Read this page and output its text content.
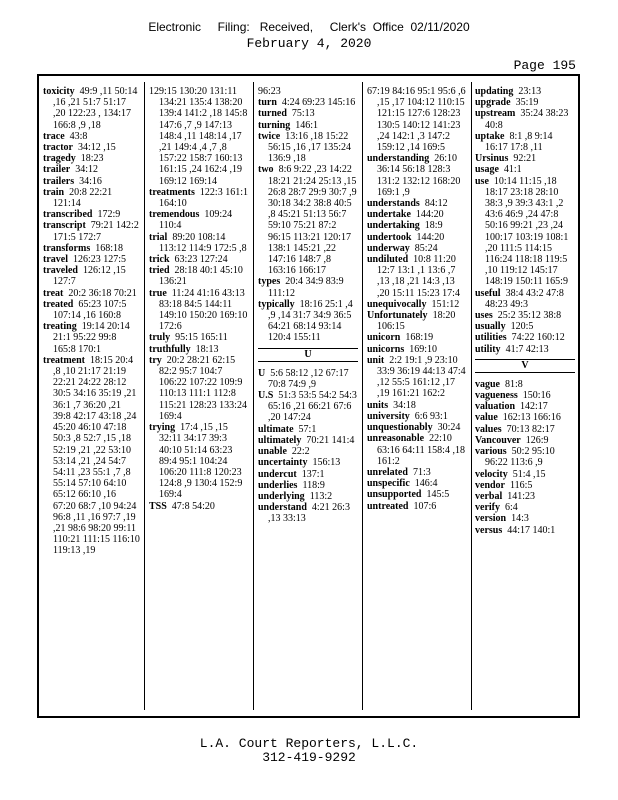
Electronic     Filing:   Received,     Clerk's  Office  02/11/2020
February 4, 2020
Page 195

toxicity 49:9 ,11 50:14 ,16 ,21 51:7 51:17 ,20 122:23 , 134:17 166:8 ,9 ,18

trace 43:8

tractor 34:12 ,15

tragedy 18:23

trailer 34:12

trailers 34:16

train 20:8 22:21 121:14

transcribed 172:9

transcript 79:21 142:2 171:5 172:7

transforms 168:18

travel 126:23 127:5

traveled 126:12 ,15 127:7

treat 20:2 36:18 70:21

treated 65:23 107:5 107:14 ,16 160:8

treating 19:14 20:14 21:1 95:22 99:8 165:8 170:1

treatment 18:15 20:4 ,8 ,10 21:17 21:19 22:21 24:22 28:12 30:5 34:16 35:19 ,21 36:1 ,7 36:20 ,21 39:8 42:17 43:18 ,24 45:20 46:10 47:18 50:3 ,8 52:7 ,15 ,18 52:19 ,21 ,22 53:10 53:14 ,21 ,24 54:7 54:11 ,23 55:1 ,7 ,8 55:14 57:10 64:10 65:12 66:10 ,16 67:20 68:7 ,10 94:24 96:8 ,11 ,16 97:7 ,19 ,21 98:6 98:20 99:11 110:21 111:15 116:10 119:13 ,19

129:15 130:20 131:11 134:21 135:4 138:20 139:4 141:2 ,18 145:8 147:6 ,7 ,9 147:13 148:4 ,11 148:14 ,17 ,21 149:4 ,4 ,7 ,8 157:22 158:7 160:13 161:15 ,24 162:4 ,19 169:12 169:14

treatments 122:3 161:1 164:10

tremendous 109:24 110:4

trial 89:20 108:14 113:12 114:9 172:5 ,8

trick 63:23 127:24

tried 28:18 40:1 45:10 136:21

true 11:24 41:16 43:13 83:18 84:5 144:11 149:10 150:20 169:10 172:6

truly 95:15 165:11

truthfully 18:13

try 20:2 28:21 62:15 82:2 95:7 104:7 106:22 107:22 109:9 110:13 111:1 112:8 115:21 128:23 133:24 169:4

trying 17:4 ,15 ,15 32:11 34:17 39:3 40:10 51:14 63:23 89:4 95:1 104:24 106:20 111:8 120:23 124:8 ,9 130:4 152:9 169:4

TSS 47:8 54:20

96:23

turn 4:24 69:23 145:16

turned 75:13

turning 146:1

twice 13:16 ,18 15:22 56:15 ,16 ,17 135:24 136:9 ,18

two 8:6 9:22 ,23 14:22 18:21 21:24 25:13 ,15 26:8 28:7 29:9 30:7 ,9 30:18 34:2 38:8 40:5 ,8 45:21 51:13 56:7 59:10 75:21 87:2 96:15 113:21 120:17 138:1 145:21 ,22 147:16 148:7 ,8 163:16 166:17

types 20:4 34:9 83:9 111:12

typically 18:16 25:1 ,4 ,9 ,14 31:7 34:9 36:5 64:21 68:14 93:14 120:4 155:11

U

U 5:6 58:12 ,12 67:17 70:8 74:9 ,9

U.S 51:3 53:5 54:2 54:3 65:16 ,21 66:21 67:6 ,20 147:24

ultimate 57:1

ultimately 70:21 141:4

unable 22:2

uncertainty 156:13

undercut 137:1

underlies 118:9

underlying 113:2

understand 4:21 26:3 ,13 33:13

67:19 84:16 95:1 95:6 ,6 ,15 ,17 104:12 110:15 121:15 127:6 128:23 130:5 140:12 141:23 ,24 142:1 ,3 147:2 159:12 ,14 169:5

understanding 26:10 36:14 56:18 128:3 131:2 132:12 168:20 169:1 ,9

understands 84:12

undertake 144:20

undertaking 18:9

undertook 144:20

underway 85:24

undiluted 10:8 11:20 12:7 13:1 ,1 13:6 ,7 ,13 ,18 ,21 14:3 ,13 ,20 15:11 15:23 17:4

unequivocally 151:12

Unfortunately 18:20 106:15

unicorn 168:19

unicorns 169:10

unit 2:2 19:1 ,9 23:10 33:9 36:19 44:13 47:4 ,12 55:5 161:12 ,17 ,19 161:21 162:2

units 34:18

university 6:6 93:1

unquestionably 30:24

unreasonable 22:10 63:16 64:11 158:4 ,18 161:2

unrelated 71:3

unspecific 146:4

unsupported 145:5

untreated 107:6

updating 23:13

upgrade 35:19

upstream 35:24 38:23 40:8

uptake 8:1 ,8 9:14 16:17 17:8 ,11

Ursinus 92:21

usage 41:1

use 10:14 11:15 ,18 18:17 23:18 28:10 38:3 ,9 39:3 43:1 ,2 43:6 46:9 ,24 47:8 50:16 99:21 ,23 ,24 100:17 103:19 108:1 ,20 111:5 114:15 116:24 118:18 119:5 ,10 119:12 145:17 148:19 150:11 165:9

useful 38:4 43:2 47:8 48:23 49:3

uses 25:2 35:12 38:8

usually 120:5

utilities 74:22 160:12

utility 41:7 42:13

V

vague 81:8

vagueness 150:16

valuation 142:17

value 162:13 166:16

values 70:13 82:17

Vancouver 126:9

various 50:2 95:10 96:22 113:6 ,9

velocity 51:4 ,15

vendor 116:5

verbal 141:23

verify 6:4

version 14:3

versus 44:17 140:1

L.A. Court Reporters, L.L.C.
312-419-9292
